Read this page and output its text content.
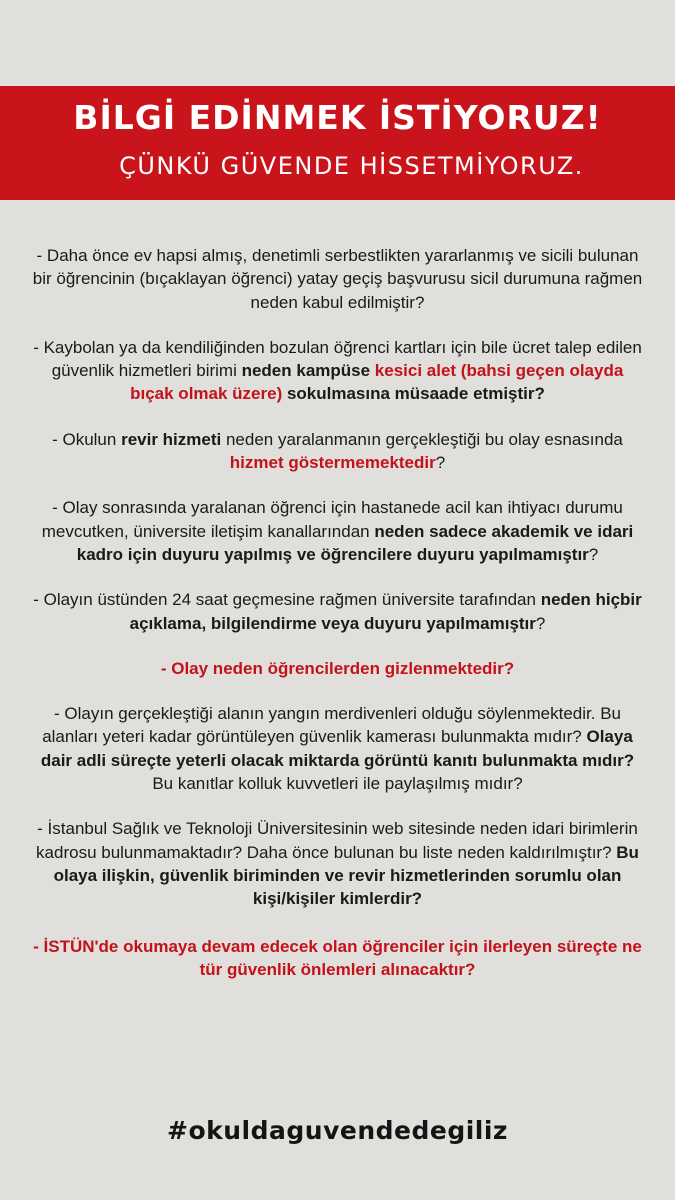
BİLGİ EDİNMEK İSTİYORUZ!
ÇÜNKÜ GÜVENDE HİSSETMİYORUZ.

- Daha önce ev hapsi almış, denetimli serbestlikten yararlanmış ve sicili bulunan bir öğrencinin (bıçaklayan öğrenci) yatay geçiş başvurusu sicil durumuna rağmen neden kabul edilmiştir?

- Kaybolan ya da kendiliğinden bozulan öğrenci kartları için bile ücret talep edilen güvenlik hizmetleri birimi neden kampüse kesici alet (bahsi geçen olayda bıçak olmak üzere) sokulmasına müsaade etmiştir?

- Okulun revir hizmeti neden yaralanmanın gerçekleştiği bu olay esnasında hizmet göstermemektedir?

- Olay sonrasında yaralanan öğrenci için hastanede acil kan ihtiyacı durumu mevcutken, üniversite iletişim kanallarından neden sadece akademik ve idari kadro için duyuru yapılmış ve öğrencilere duyuru yapılmamıştır?

- Olayın üstünden 24 saat geçmesine rağmen üniversite tarafından neden hiçbir açıklama, bilgilendirme veya duyuru yapılmamıştır?

- Olay neden öğrencilerden gizlenmektedir?

- Olayın gerçekleştiği alanın yangın merdivenleri olduğu söylenmektedir. Bu alanları yeteri kadar görüntüleyen güvenlik kamerası bulunmakta mıdır? Olaya dair adli süreçte yeterli olacak miktarda görüntü kanıtı bulunmakta mıdır? Bu kanıtlar kolluk kuvvetleri ile paylaşılmış mıdır?

- İstanbul Sağlık ve Teknoloji Üniversitesinin web sitesinde neden idari birimlerin kadrosu bulunmamaktadır? Daha önce bulunan bu liste neden kaldırılmıştır? Bu olaya ilişkin, güvenlik biriminden ve revir hizmetlerinden sorumlu olan kişi/kişiler kimlerdir?

- İSTÜN'de okumaya devam edecek olan öğrenciler için ilerleyen süreçte ne tür güvenlik önlemleri alınacaktır?

#okuldaguvendedegiliz
